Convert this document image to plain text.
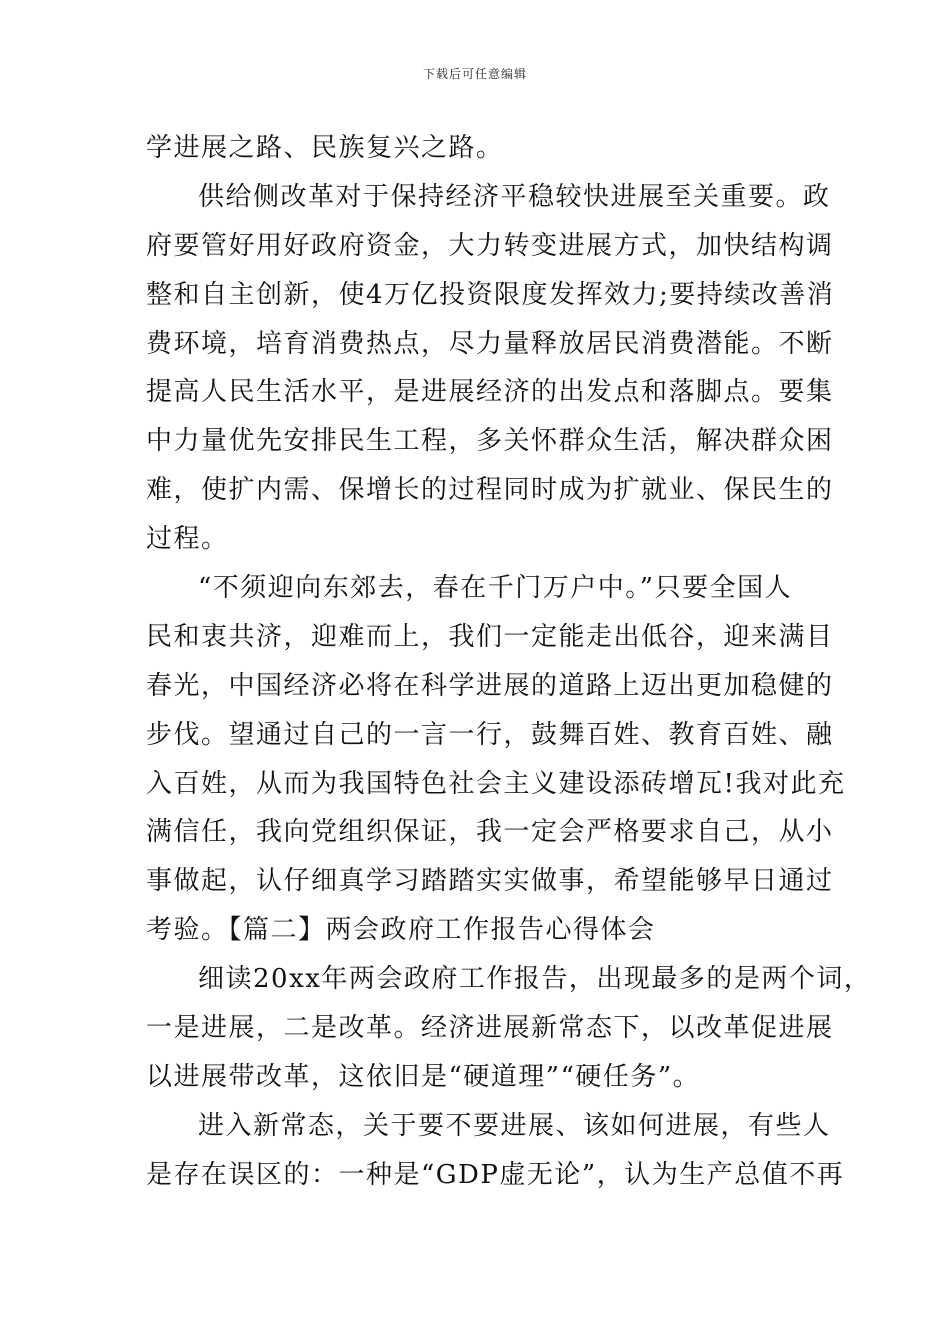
下载后可任意编辑
学进展之路、民族复兴之路。
供给侧改革对于保持经济平稳较快进展至关重要。政
府要管好用好政府资金，大力转变进展方式，加快结构调
整和自主创新，使4万亿投资限度发挥效力;要持续改善消
费环境，培育消费热点，尽力量释放居民消费潜能。不断
提高人民生活水平，是进展经济的出发点和落脚点。要集
中力量优先安排民生工程，多关怀群众生活，解决群众困
难，使扩内需、保增长的过程同时成为扩就业、保民生的
过程。
“不须迎向东郊去，春在千门万户中。”只要全国人
民和衷共济，迎难而上，我们一定能走出低谷，迎来满目
春光，中国经济必将在科学进展的道路上迈出更加稳健的
步伐。望通过自己的一言一行，鼓舞百姓、教育百姓、融
入百姓，从而为我国特色社会主义建设添砖增瓦!我对此充
满信任，我向党组织保证，我一定会严格要求自己，从小
事做起，认仔细真学习踏踏实实做事，希望能够早日通过
考验。【篇二】两会政府工作报告心得体会
细读20xx年两会政府工作报告，出现最多的是两个词，
一是进展，二是改革。经济进展新常态下，以改革促进展
以进展带改革，这依旧是“硬道理”“硬任务”。
进入新常态，关于要不要进展、该如何进展，有些人
是存在误区的：一种是“GDP虚无论”，认为生产总值不再
